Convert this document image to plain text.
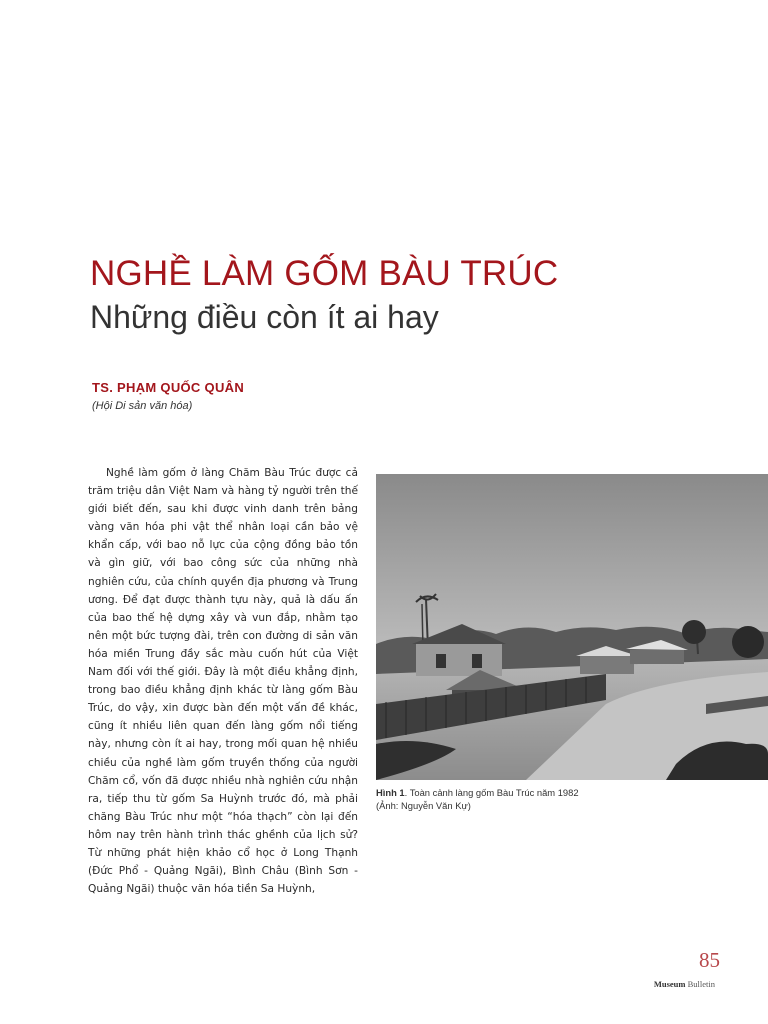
NGHỀ LÀM GỐM BÀU TRÚC
Những điều còn ít ai hay
TS. PHẠM QUỐC QUÂN
(Hội Di sản văn hóa)

Nghề làm gốm ở làng Chăm Bàu Trúc được cả trăm triệu dân Việt Nam và hàng tỷ người trên thế giới biết đến, sau khi được vinh danh trên bảng vàng văn hóa phi vật thể nhân loại cần bảo vệ khẩn cấp, với bao nỗ lực của cộng đồng bảo tồn và gìn giữ, với bao công sức của những nhà nghiên cứu, của chính quyền địa phương và Trung ương. Để đạt được thành tựu này, quả là dấu ấn của bao thế hệ dựng xây và vun đắp, nhằm tạo nên một bức tượng đài, trên con đường di sản văn hóa miền Trung đầy sắc màu cuốn hút của Việt Nam đối với thế giới. Đây là một điều khẳng định, trong bao điều khẳng định khác từ làng gốm Bàu Trúc, do vậy, xin được bàn đến một vấn đề khác, cũng ít nhiều liên quan đến làng gốm nổi tiếng này, nhưng còn ít ai hay, trong mối quan hệ nhiều chiều của nghề làm gốm truyền thống của người Chăm cổ, vốn đã được nhiều nhà nghiên cứu nhận ra, tiếp thu từ gốm Sa Huỳnh trước đó, mà phải chăng Bàu Trúc như một “hóa thạch” còn lại đến hôm nay trên hành trình thác ghềnh của lịch sử? Từ những phát hiện khảo cổ học ở Long Thạnh (Đức Phổ - Quảng Ngãi), Bình Châu (Bình Sơn - Quảng Ngãi) thuộc văn hóa tiền Sa Huỳnh,

Hình 1. Toàn cảnh làng gốm Bàu Trúc năm 1982
(Ảnh: Nguyễn Văn Kự)
85
Museum Bulletin
